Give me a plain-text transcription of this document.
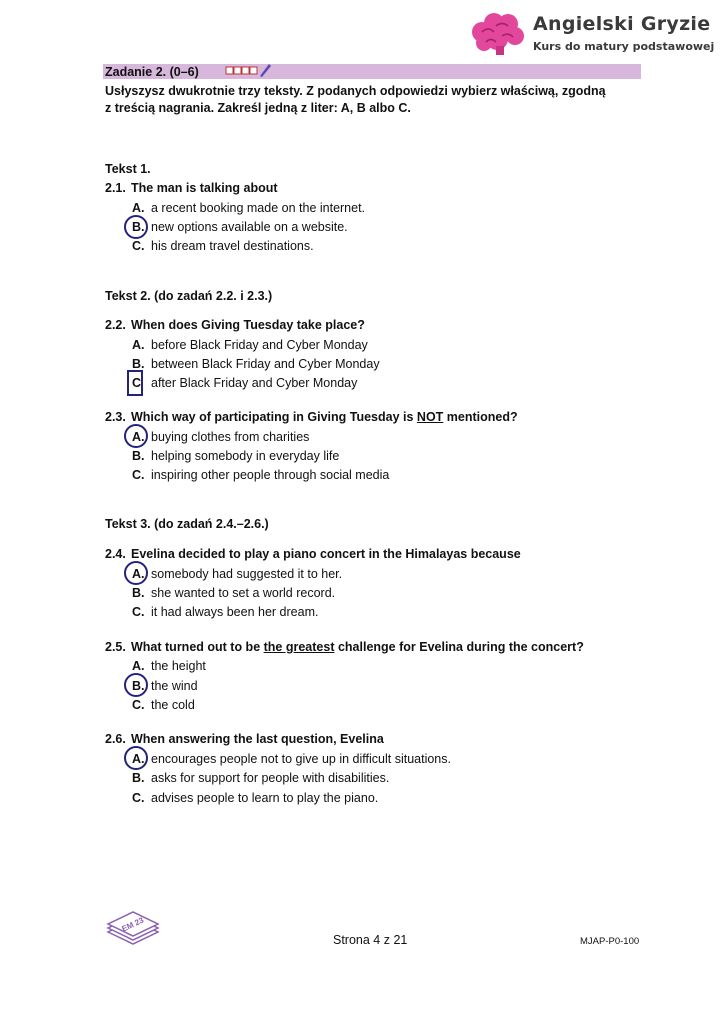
Angielski Gryzie
Kurs do matury podstawowej
Zadanie 2. (0–6)
Usłyszysz dwukrotnie trzy teksty. Z podanych odpowiedzi wybierz właściwą, zgodną
z treścią nagrania. Zakreśl jedną z liter: A, B albo C.
Tekst 1.
2.1. The man is talking about
A. a recent booking made on the internet.
B. new options available on a website.
C. his dream travel destinations.
Tekst 2. (do zadań 2.2. i 2.3.)
2.2. When does Giving Tuesday take place?
A. before Black Friday and Cyber Monday
B. between Black Friday and Cyber Monday
C after Black Friday and Cyber Monday
2.3. Which way of participating in Giving Tuesday is NOT mentioned?
A. buying clothes from charities
B. helping somebody in everyday life
C. inspiring other people through social media
Tekst 3. (do zadań 2.4.–2.6.)
2.4. Evelina decided to play a piano concert in the Himalayas because
A. somebody had suggested it to her.
B. she wanted to set a world record.
C. it had always been her dream.
2.5. What turned out to be the greatest challenge for Evelina during the concert?
A. the height
B. the wind
C. the cold
2.6. When answering the last question, Evelina
A. encourages people not to give up in difficult situations.
B. asks for support for people with disabilities.
C. advises people to learn to play the piano.
EM 23
Strona 4 z 21	MJAP-P0-100
